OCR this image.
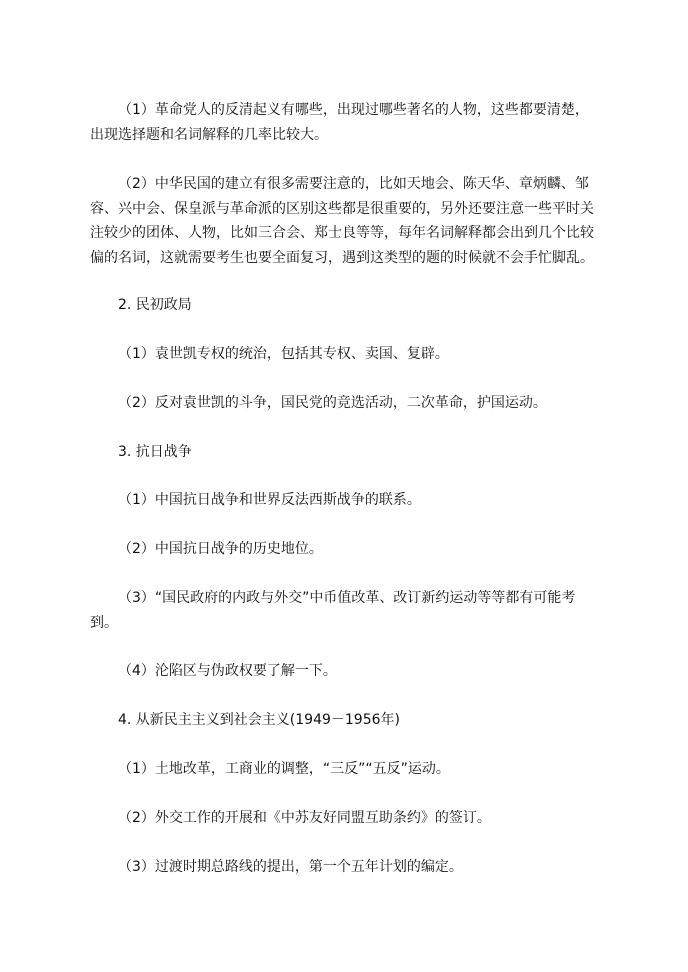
（1）革命党人的反清起义有哪些，出现过哪些著名的人物，这些都要清楚，出现选择题和名词解释的几率比较大。

（2）中华民国的建立有很多需要注意的，比如天地会、陈天华、章炳麟、邹容、兴中会、保皇派与革命派的区别这些都是很重要的，另外还要注意一些平时关注较少的团体、人物，比如三合会、郑士良等等，每年名词解释都会出到几个比较偏的名词，这就需要考生也要全面复习，遇到这类型的题的时候就不会手忙脚乱。

2. 民初政局

（1）袁世凯专权的统治，包括其专权、卖国、复辟。

（2）反对袁世凯的斗争，国民党的竞选活动，二次革命，护国运动。

3. 抗日战争

（1）中国抗日战争和世界反法西斯战争的联系。

（2）中国抗日战争的历史地位。

（3）“国民政府的内政与外交”中币值改革、改订新约运动等等都有可能考到。

（4）沦陷区与伪政权要了解一下。

4. 从新民主主义到社会主义(1949－1956年)

（1）土地改革，工商业的调整，“三反”“五反”运动。

（2）外交工作的开展和《中苏友好同盟互助条约》的签订。

（3）过渡时期总路线的提出，第一个五年计划的编定。
